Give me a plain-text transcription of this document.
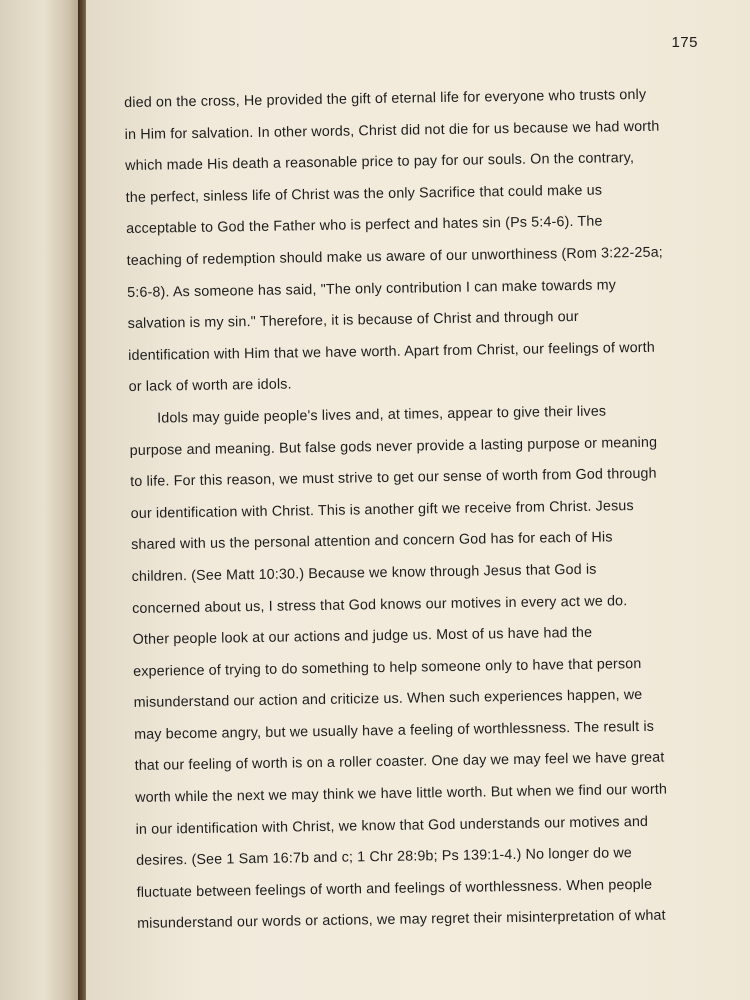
175
died on the cross, He provided the gift of eternal life for everyone who trusts only
in Him for salvation. In other words, Christ did not die for us because we had worth
which made His death a reasonable price to pay for our souls. On the contrary,
the perfect, sinless life of Christ was the only Sacrifice that could make us
acceptable to God the Father who is perfect and hates sin (Ps 5:4-6). The
teaching of redemption should make us aware of our unworthiness (Rom 3:22-25a;
5:6-8). As someone has said, "The only contribution I can make towards my
salvation is my sin." Therefore, it is because of Christ and through our
identification with Him that we have worth. Apart from Christ, our feelings of worth
or lack of worth are idols.
Idols may guide people's lives and, at times, appear to give their lives
purpose and meaning. But false gods never provide a lasting purpose or meaning
to life. For this reason, we must strive to get our sense of worth from God through
our identification with Christ. This is another gift we receive from Christ. Jesus
shared with us the personal attention and concern God has for each of His
children. (See Matt 10:30.) Because we know through Jesus that God is
concerned about us, I stress that God knows our motives in every act we do.
Other people look at our actions and judge us. Most of us have had the
experience of trying to do something to help someone only to have that person
misunderstand our action and criticize us. When such experiences happen, we
may become angry, but we usually have a feeling of worthlessness. The result is
that our feeling of worth is on a roller coaster. One day we may feel we have great
worth while the next we may think we have little worth. But when we find our worth
in our identification with Christ, we know that God understands our motives and
desires. (See 1 Sam 16:7b and c; 1 Chr 28:9b; Ps 139:1-4.) No longer do we
fluctuate between feelings of worth and feelings of worthlessness. When people
misunderstand our words or actions, we may regret their misinterpretation of what
